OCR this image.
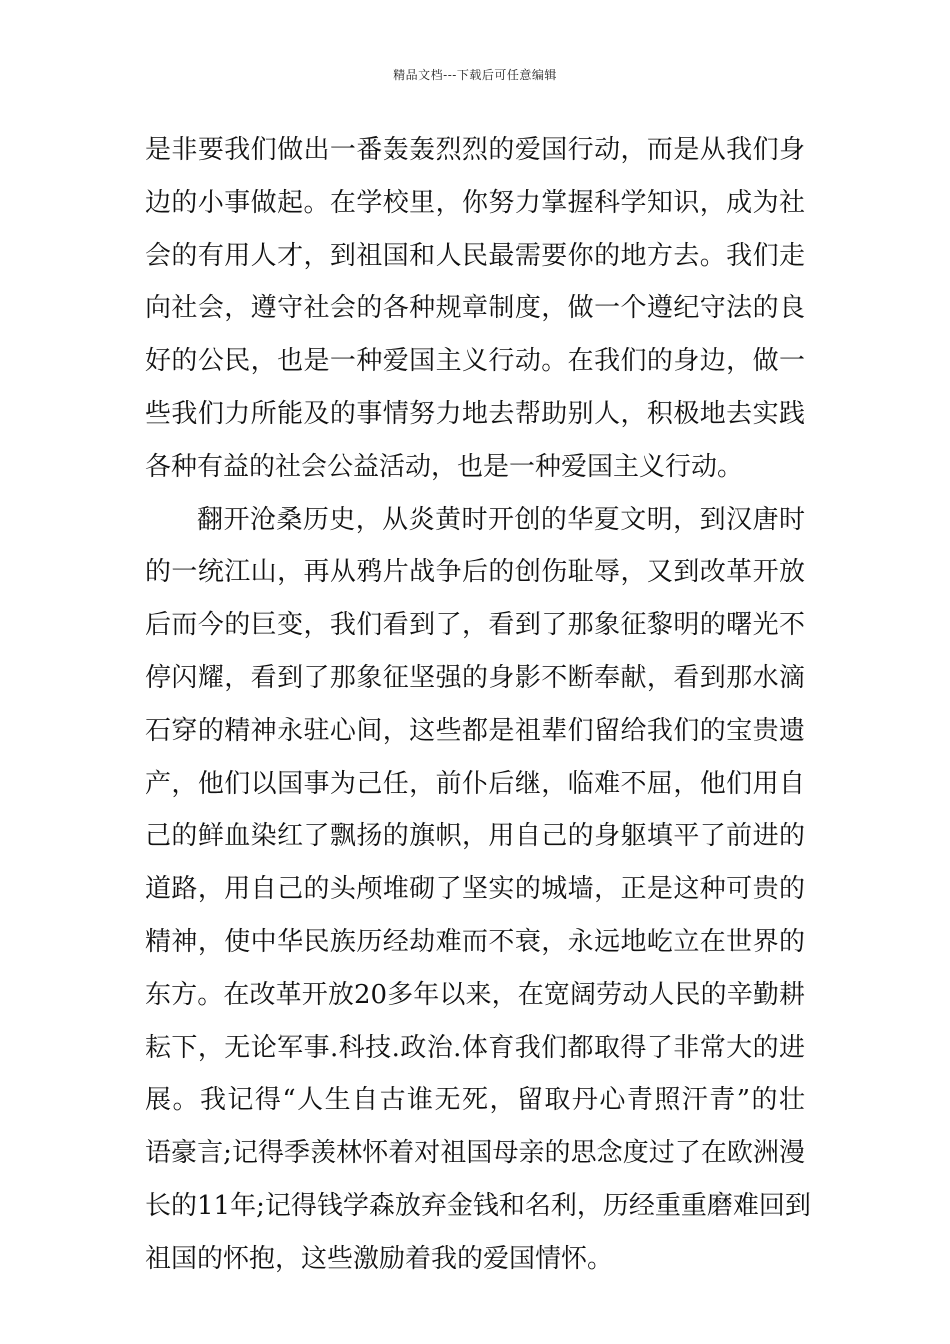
精品文档---下载后可任意编辑
是非要我们做出一番轰轰烈烈的爱国行动，而是从我们身
边的小事做起。在学校里，你努力掌握科学知识，成为社
会的有用人才，到祖国和人民最需要你的地方去。我们走
向社会，遵守社会的各种规章制度，做一个遵纪守法的良
好的公民，也是一种爱国主义行动。在我们的身边，做一
些我们力所能及的事情努力地去帮助别人，积极地去实践
各种有益的社会公益活动，也是一种爱国主义行动。
翻开沧桑历史，从炎黄时开创的华夏文明，到汉唐时
的一统江山，再从鸦片战争后的创伤耻辱，又到改革开放
后而今的巨变，我们看到了，看到了那象征黎明的曙光不
停闪耀，看到了那象征坚强的身影不断奉献，看到那水滴
石穿的精神永驻心间，这些都是祖辈们留给我们的宝贵遗
产，他们以国事为己任，前仆后继，临难不屈，他们用自
己的鲜血染红了飘扬的旗帜，用自己的身躯填平了前进的
道路，用自己的头颅堆砌了坚实的城墙，正是这种可贵的
精神，使中华民族历经劫难而不衰，永远地屹立在世界的
东方。在改革开放20多年以来，在宽阔劳动人民的辛勤耕
耘下，无论军事.科技.政治.体育我们都取得了非常大的进
展。我记得“人生自古谁无死，留取丹心青照汗青”的壮
语豪言;记得季羡林怀着对祖国母亲的思念度过了在欧洲漫
长的11年;记得钱学森放弃金钱和名利，历经重重磨难回到
祖国的怀抱，这些激励着我的爱国情怀。
